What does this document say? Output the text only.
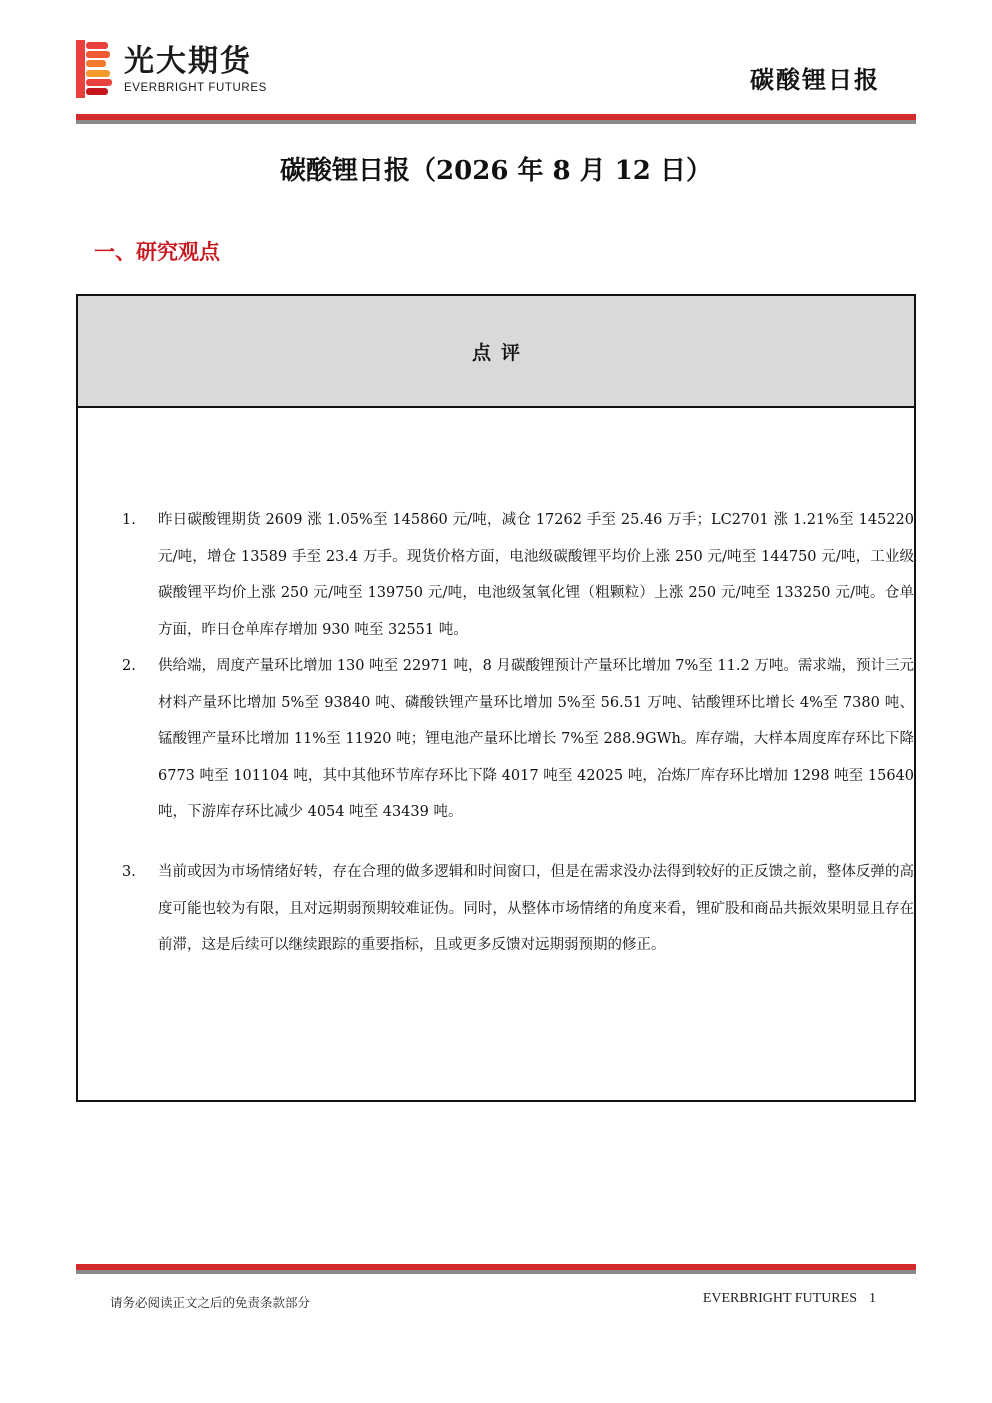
光大期货
EVERBRIGHT FUTURES	碳酸锂日报
碳酸锂日报（2026 年 8 月 12 日）
一、研究观点
点评
1. 昨日碳酸锂期货 2609 涨 1.05%至 145860 元/吨，减仓 17262 手至 25.46 万手；LC2701 涨 1.21%至 145220 元/吨，增仓 13589 手至 23.4 万手。现货价格方面，电池级碳酸锂平均价上涨 250 元/吨至 144750 元/吨，工业级碳酸锂平均价上涨 250 元/吨至 139750 元/吨，电池级氢氧化锂（粗颗粒）上涨 250 元/吨至 133250 元/吨。仓单方面，昨日仓单库存增加 930 吨至 32551 吨。
2. 供给端，周度产量环比增加 130 吨至 22971 吨，8 月碳酸锂预计产量环比增加 7%至 11.2 万吨。需求端，预计三元材料产量环比增加 5%至 93840 吨、磷酸铁锂产量环比增加 5%至 56.51 万吨、钴酸锂环比增长 4%至 7380 吨、锰酸锂产量环比增加 11%至 11920 吨；锂电池产量环比增长 7%至 288.9GWh。库存端，大样本周度库存环比下降 6773 吨至 101104 吨，其中其他环节库存环比下降 4017 吨至 42025 吨，冶炼厂库存环比增加 1298 吨至 15640 吨，下游库存环比减少 4054 吨至 43439 吨。
3. 当前或因为市场情绪好转，存在合理的做多逻辑和时间窗口，但是在需求没办法得到较好的正反馈之前，整体反弹的高度可能也较为有限，且对远期弱预期较难证伪。同时，从整体市场情绪的角度来看，锂矿股和商品共振效果明显且存在前滞，这是后续可以继续跟踪的重要指标，且或更多反馈对远期弱预期的修正。
请务必阅读正文之后的免责条款部分	EVERBRIGHT FUTURES 1
